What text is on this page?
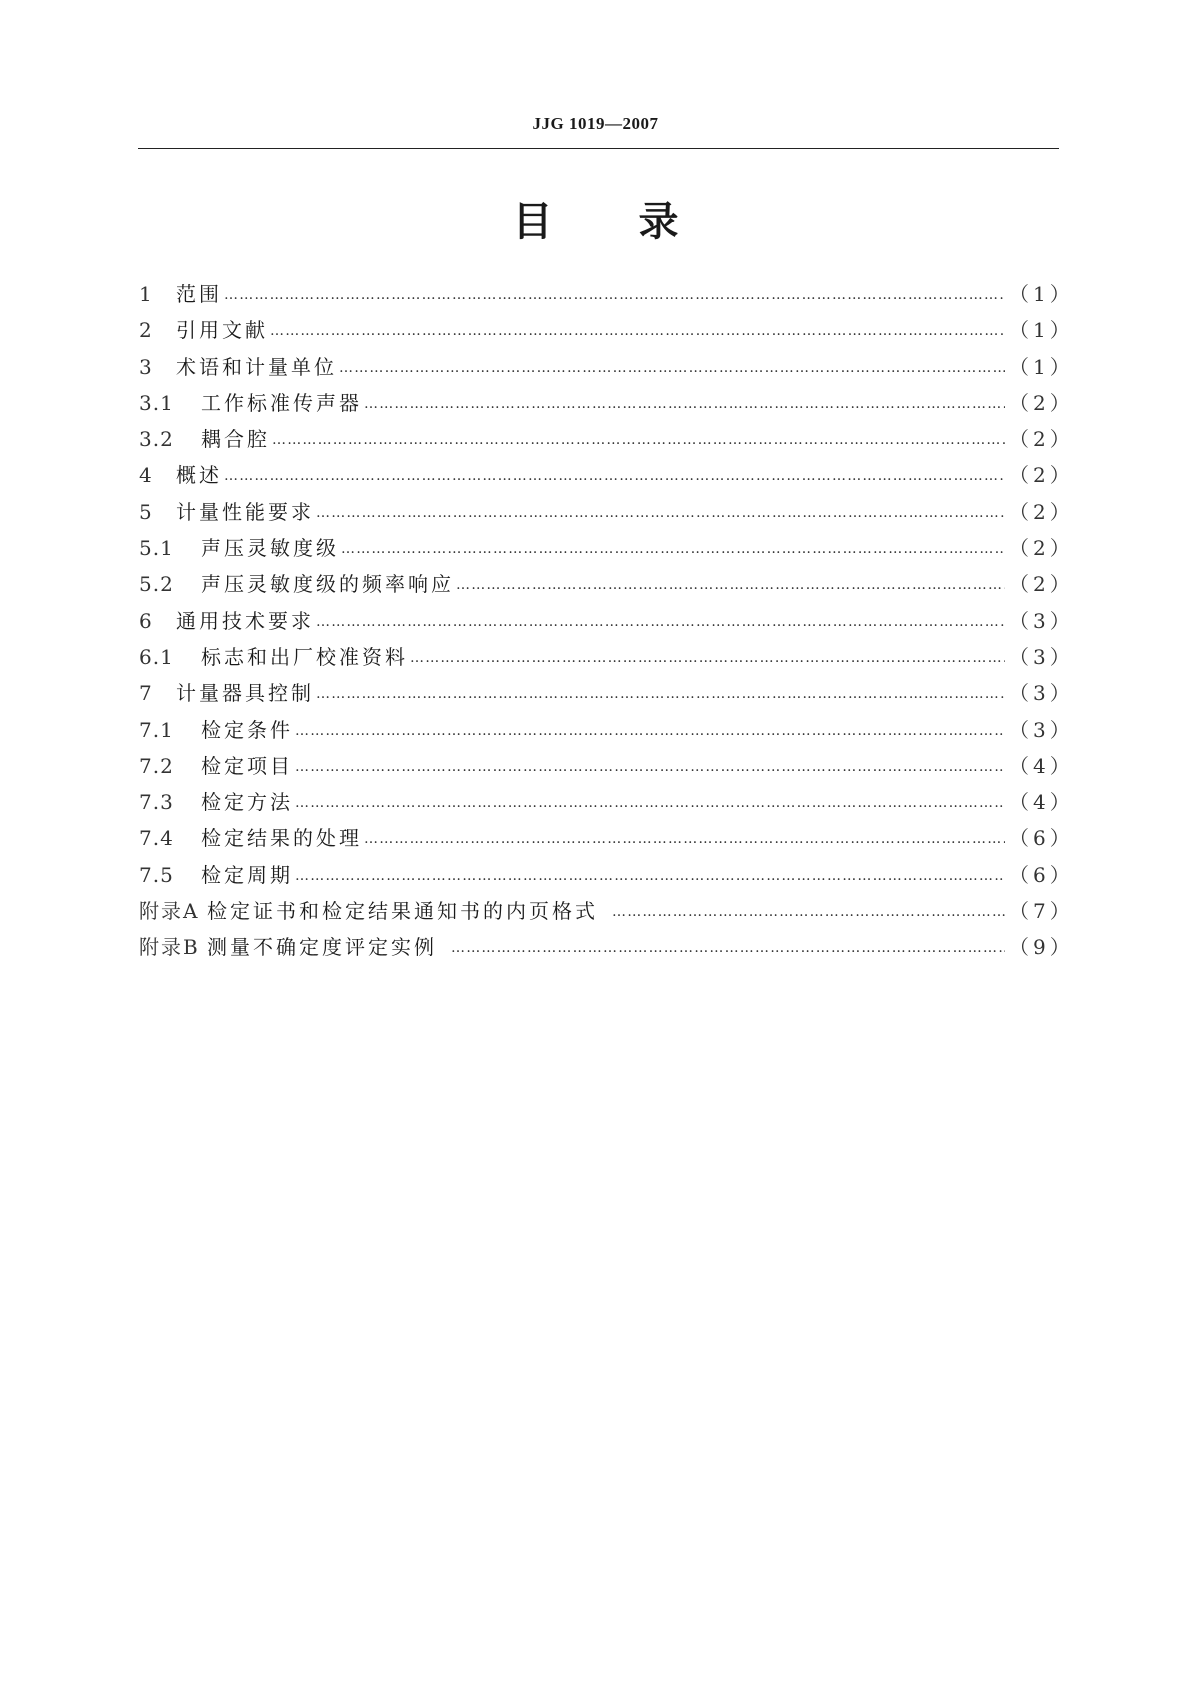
JJG 1019—2007
目 录
1	范围 …………………………………………………………………………………………………………………………………………………………………………………………………………………………………………	（1）
2	引用文献 …………………………………………………………………………………………………………………………………………………………………………………………………………………………………………	（1）
3	术语和计量单位 …………………………………………………………………………………………………………………………………………………………………………………………………………………………………………	（1）
3.1	工作标准传声器 …………………………………………………………………………………………………………………………………………………………………………………………………………………………………………	（2）
3.2	耦合腔 …………………………………………………………………………………………………………………………………………………………………………………………………………………………………………	（2）
4	概述 …………………………………………………………………………………………………………………………………………………………………………………………………………………………………………	（2）
5	计量性能要求 …………………………………………………………………………………………………………………………………………………………………………………………………………………………………………	（2）
5.1	声压灵敏度级 …………………………………………………………………………………………………………………………………………………………………………………………………………………………………………	（2）
5.2	声压灵敏度级的频率响应 …………………………………………………………………………………………………………………………………………………………………………………………………………………………………………	（2）
6	通用技术要求 …………………………………………………………………………………………………………………………………………………………………………………………………………………………………………	（3）
6.1	标志和出厂校准资料 …………………………………………………………………………………………………………………………………………………………………………………………………………………………………………	（3）
7	计量器具控制 …………………………………………………………………………………………………………………………………………………………………………………………………………………………………………	（3）
7.1	检定条件 …………………………………………………………………………………………………………………………………………………………………………………………………………………………………………	（3）
7.2	检定项目 …………………………………………………………………………………………………………………………………………………………………………………………………………………………………………	（4）
7.3	检定方法 …………………………………………………………………………………………………………………………………………………………………………………………………………………………………………	（4）
7.4	检定结果的处理 …………………………………………………………………………………………………………………………………………………………………………………………………………………………………………	（6）
7.5	检定周期 …………………………………………………………………………………………………………………………………………………………………………………………………………………………………………	（6）
附录A 检定证书和检定结果通知书的内页格式 …………………………………………………………………………………………………………………………………………………………………………………………………………………………………………	（7）
附录B 测量不确定度评定实例 …………………………………………………………………………………………………………………………………………………………………………………………………………………………………………	（9）
